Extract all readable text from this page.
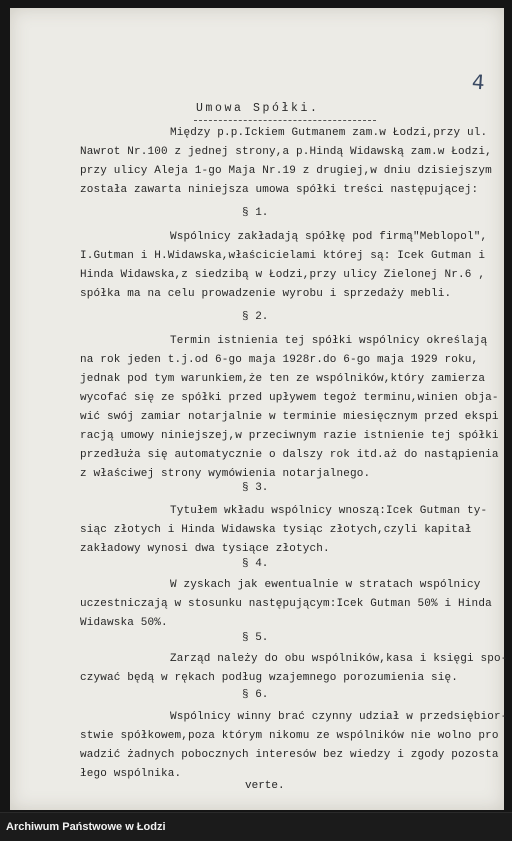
4
Umowa Spółki.
Między p.p.Ickiem Gutmanem zam.w Łodzi,przy ul.
Nawrot Nr.100 z jednej strony,a p.Hindą Widawską zam.w Łodzi,
przy ulicy Aleja 1-go Maja Nr.19 z drugiej,w dniu dzisiejszym
została zawarta niniejsza umowa spółki treści następującej:
§ 1.
Wspólnicy zakładają spółkę pod firmą"Meblopol",
I.Gutman i H.Widawska,właścicielami której są: Icek Gutman i
Hinda Widawska,z siedzibą w Łodzi,przy ulicy Zielonej Nr.6 ,
spółka ma na celu prowadzenie wyrobu i sprzedaży mebli.
§ 2.
Termin istnienia tej spółki wspólnicy określają
na rok jeden t.j.od 6-go maja 1928r.do 6-go maja 1929 roku,
jednak pod tym warunkiem,że ten ze wspólników,który zamierza
wycofać się ze spółki przed upływem tegoż terminu,winien obja-
wić swój zamiar notarjalnie w terminie miesięcznym przed ekspi
racją umowy niniejszej,w przeciwnym razie istnienie tej spółki
przedłuża się automatycznie o dalszy rok itd.aż do nastąpienia
z właściwej strony wymówienia notarjalnego.
§ 3.
Tytułem wkładu wspólnicy wnoszą:Icek Gutman ty-
siąc złotych i Hinda Widawska tysiąc złotych,czyli kapitał
zakładowy wynosi dwa tysiące złotych.
§ 4.
W zyskach jak ewentualnie w stratach wspólnicy
uczestniczają w stosunku następującym:Icek Gutman 50% i Hinda
Widawska 50%.
§ 5.
Zarząd należy do obu wspólników,kasa i księgi spo-
czywać będą w rękach podług wzajemnego porozumienia się.
§ 6.
Wspólnicy winny brać czynny udział w przedsiębior-
stwie spółkowem,poza którym nikomu ze wspólników nie wolno pro
wadzić żadnych pobocznych interesów bez wiedzy i zgody pozosta
łego wspólnika.
verte.
Archiwum Państwowe w Łodzi
